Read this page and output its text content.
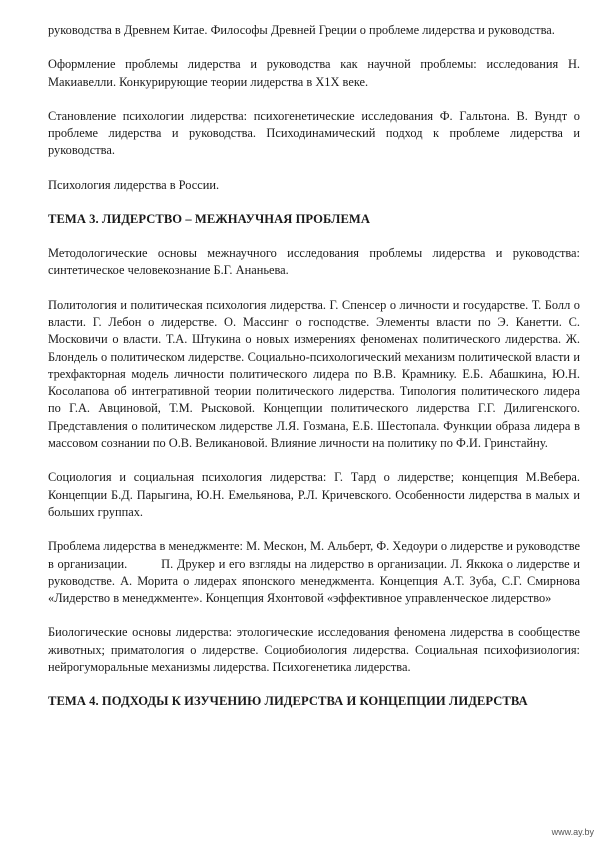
руководства в Древнем Китае. Философы Древней Греции о проблеме лидерства и руководства.

Оформление проблемы лидерства и руководства как научной проблемы: исследования Н. Макиавелли. Конкурирующие теории лидерства в Х1Х веке.

Становление психологии лидерства: психогенетические исследования Ф. Гальтона. В. Вундт о проблеме лидерства и руководства. Психодинамический подход к проблеме лидерства и руководства.

Психология лидерства в России.

ТЕМА 3. ЛИДЕРСТВО – МЕЖНАУЧНАЯ ПРОБЛЕМА

Методологические основы межнаучного исследования проблемы лидерства и руководства: синтетическое человекознание Б.Г. Ананьева.

Политология и политическая психология лидерства. Г. Спенсер о личности и государстве. Т. Болл о власти. Г. Лебон о лидерстве. О. Массинг о господстве. Элементы власти по Э. Канетти. С. Московичи о власти. Т.А. Штукина о новых измерениях феноменах политического лидерства. Ж. Блондель о политическом лидерстве. Социально-психологический механизм политической власти и трехфакторная модель личности политического лидера по В.В. Крамнику. Е.Б. Абашкина, Ю.Н. Косолапова об интегративной теории политического лидерства. Типология политического лидера по Г.А. Авциновой, Т.М. Рысковой. Концепции политического лидерства Г.Г. Дилигенского. Представления о политическом лидерстве Л.Я. Гозмана, Е.Б. Шестопала. Функции образа лидера в массовом сознании по О.В. Великановой. Влияние личности на политику по Ф.И. Гринстайну.

Социология и социальная психология лидерства: Г. Тард о лидерстве; концепция М.Вебера. Концепции Б.Д. Парыгина, Ю.Н. Емельянова, Р.Л. Кричевского. Особенности лидерства в малых и больших группах.

Проблема лидерства в менеджменте: М. Мескон, М. Альберт, Ф. Хедоури о лидерстве и руководстве в организации.	П. Друкер и его взгляды на лидерство в организации. Л. Яккока о лидерстве и руководстве. А. Морита о лидерах японского менеджмента. Концепция А.Т. Зуба, С.Г. Смирнова «Лидерство в менеджменте». Концепция Яхонтовой «эффективное управленческое лидерство»

Биологические основы лидерства: этологические исследования феномена лидерства в сообществе животных; приматология о лидерстве. Социобиология лидерства. Социальная психофизиология: нейрогуморальные механизмы лидерства. Психогенетика лидерства.

ТЕМА 4. ПОДХОДЫ К ИЗУЧЕНИЮ ЛИДЕРСТВА И КОНЦЕПЦИИ ЛИДЕРСТВА
www.ay.by
